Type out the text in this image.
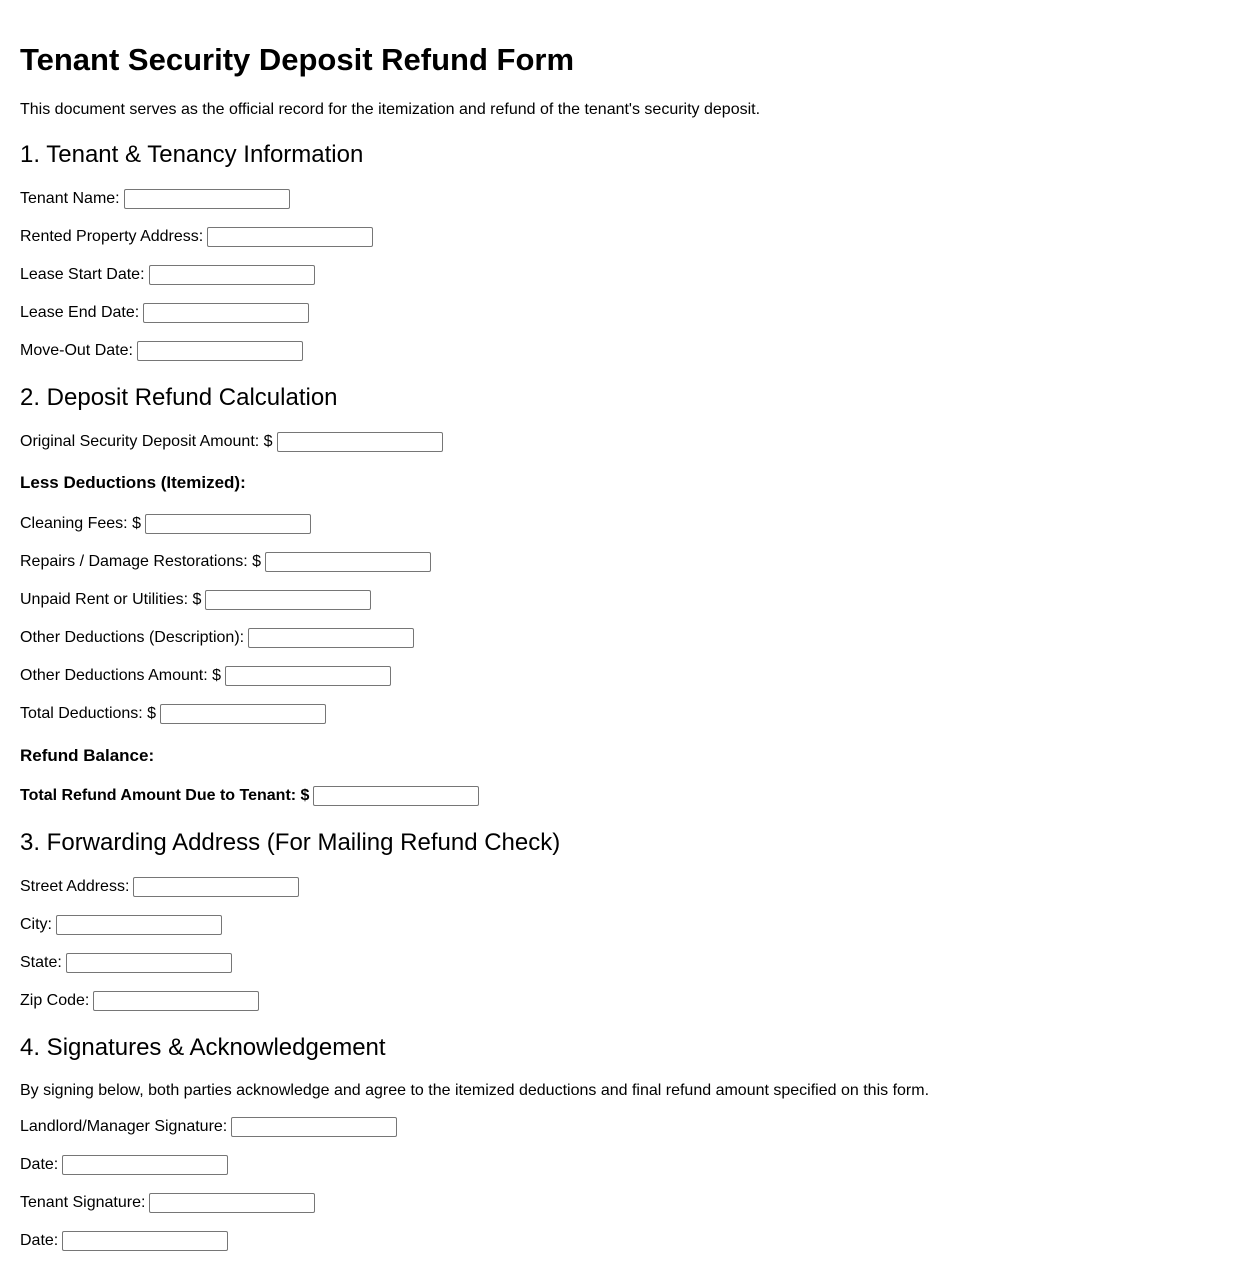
Tenant Security Deposit Refund Form

This document serves as the official record for the itemization and refund of the tenant's security deposit.

1. Tenant & Tenancy Information
Tenant Name:
Rented Property Address:
Lease Start Date:
Lease End Date:
Move-Out Date:
2. Deposit Refund Calculation
Original Security Deposit Amount: $
Less Deductions (Itemized):
Cleaning Fees: $
Repairs / Damage Restorations: $
Unpaid Rent or Utilities: $
Other Deductions (Description):
Other Deductions Amount: $
Total Deductions: $
Refund Balance:
Total Refund Amount Due to Tenant: $
3. Forwarding Address (For Mailing Refund Check)
Street Address:
City:
State:
Zip Code:
4. Signatures & Acknowledgement

By signing below, both parties acknowledge and agree to the itemized deductions and final refund amount specified on this form.

Landlord/Manager Signature:
Date:
Tenant Signature:
Date:
